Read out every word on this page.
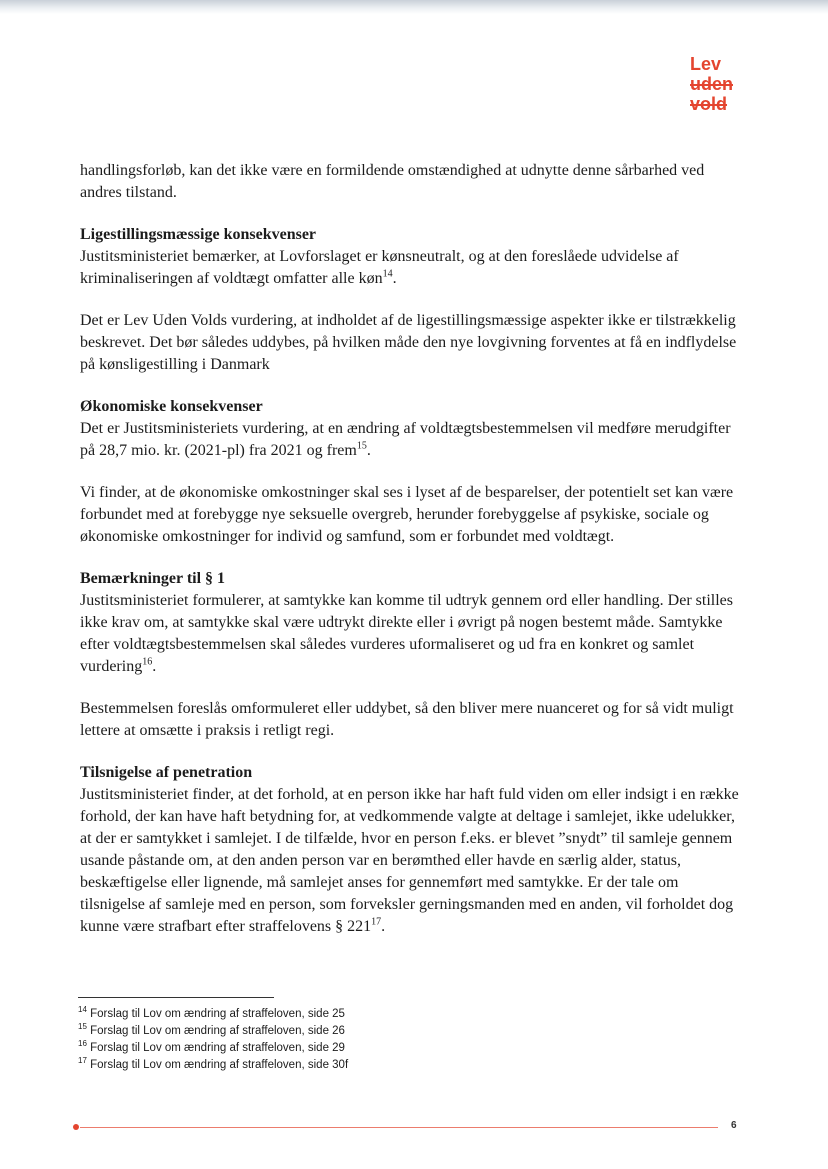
Lev
uden
vold

handlingsforløb, kan det ikke være en formildende omstændighed at udnytte denne sårbarhed ved andres tilstand.

Ligestillingsmæssige konsekvenser

Justitsministeriet bemærker, at Lovforslaget er kønsneutralt, og at den foreslåede udvidelse af kriminaliseringen af voldtægt omfatter alle køn$^{14}$.

Det er Lev Uden Volds vurdering, at indholdet af de ligestillingsmæssige aspekter ikke er tilstrækkelig beskrevet. Det bør således uddybes, på hvilken måde den nye lovgivning forventes at få en indflydelse på kønsligestilling i Danmark

Økonomiske konsekvenser

Det er Justitsministeriets vurdering, at en ændring af voldtægtsbestemmelsen vil medføre merudgifter på 28,7 mio. kr. (2021-pl) fra 2021 og frem$^{15}$.

Vi finder, at de økonomiske omkostninger skal ses i lyset af de besparelser, der potentielt set kan være forbundet med at forebygge nye seksuelle overgreb, herunder forebyggelse af psykiske, sociale og økonomiske omkostninger for individ og samfund, som er forbundet med voldtægt.

Bemærkninger til § 1

Justitsministeriet formulerer, at samtykke kan komme til udtryk gennem ord eller handling. Der stilles ikke krav om, at samtykke skal være udtrykt direkte eller i øvrigt på nogen bestemt måde. Samtykke efter voldtægtsbestemmelsen skal således vurderes uformaliseret og ud fra en konkret og samlet vurdering$^{16}$.

Bestemmelsen foreslås omformuleret eller uddybet, så den bliver mere nuanceret og for så vidt muligt lettere at omsætte i praksis i retligt regi.

Tilsnigelse af penetration

Justitsministeriet finder, at det forhold, at en person ikke har haft fuld viden om eller indsigt i en række forhold, der kan have haft betydning for, at vedkommende valgte at deltage i samlejet, ikke udelukker, at der er samtykket i samlejet. I de tilfælde, hvor en person f.eks. er blevet ”snydt” til samleje gennem usande påstande om, at den anden person var en berømthed eller havde en særlig alder, status, beskæftigelse eller lignende, må samlejet anses for gennemført med samtykke. Er der tale om tilsnigelse af samleje med en person, som forveksler gerningsmanden med en anden, vil forholdet dog kunne være strafbart efter straffelovens § $221^{17}$.

$^{14}$ Forslag til Lov om ændring af straffeloven, side 25
$^{15}$ Forslag til Lov om ændring af straffeloven, side 26
$^{16}$ Forslag til Lov om ændring af straffeloven, side 29
$^{17}$ Forslag til Lov om ændring af straffeloven, side 30f
6
